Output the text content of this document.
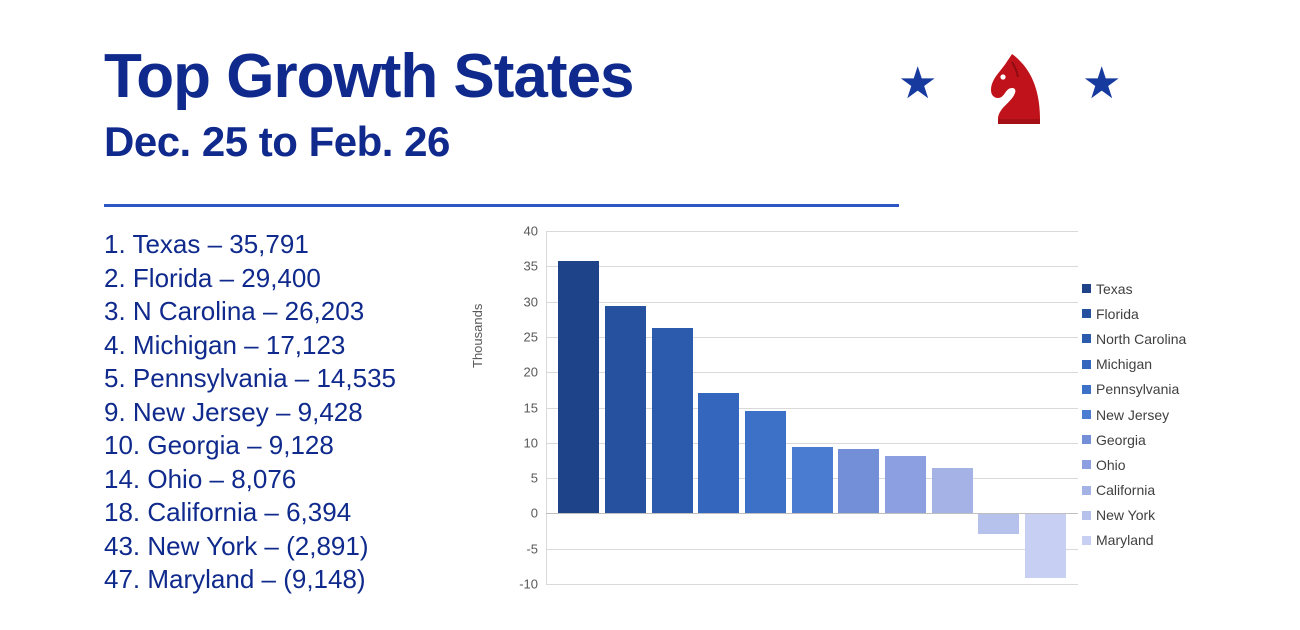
Top Growth States
Dec. 25 to Feb. 26
★	★
1. Texas – 35,791
2. Florida – 29,400
3. N Carolina – 26,203
4. Michigan – 17,123
5. Pennsylvania – 14,535
9. New Jersey – 9,428
10. Georgia – 9,128
14. Ohio – 8,076
18. California – 6,394
43. New York – (2,891)
47. Maryland – (9,148)
Thousands
40
35
30
25
20
15
10
5
0
-5
-10
Texas
Florida
North Carolina
Michigan
Pennsylvania
New Jersey
Georgia
Ohio
California
New York
Maryland
